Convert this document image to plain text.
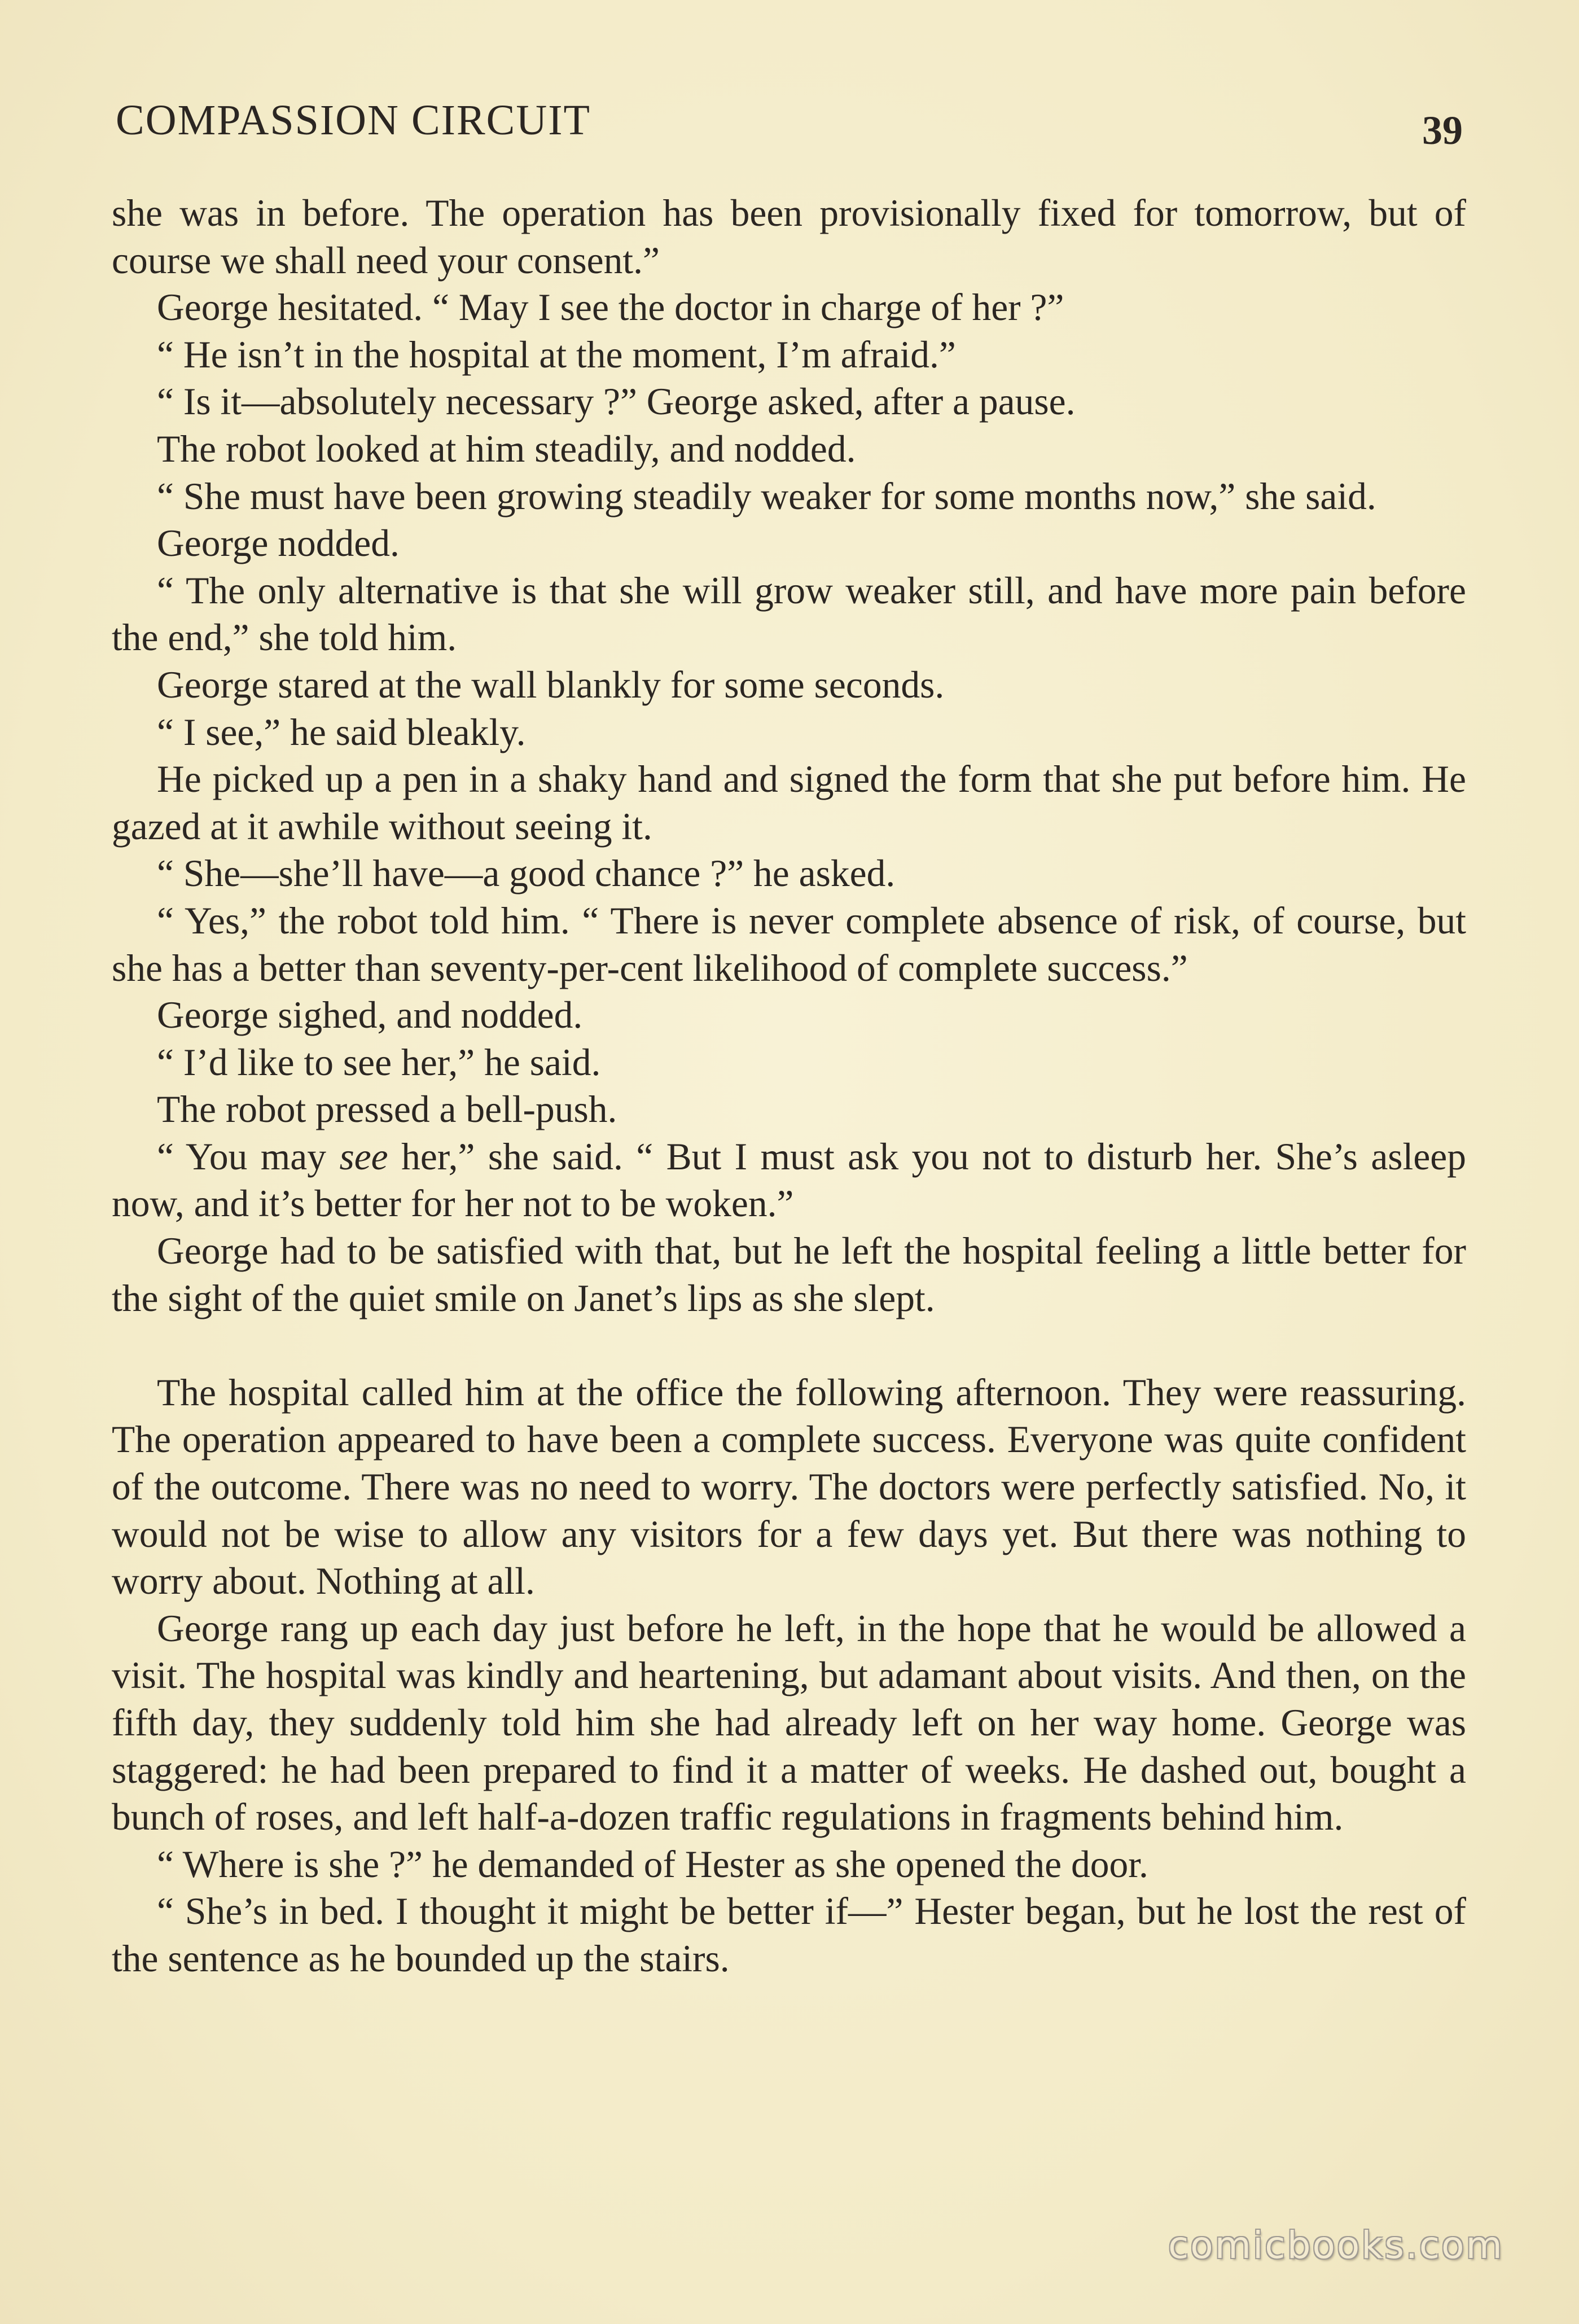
COMPASSION CIRCUIT	39

she was in before. The operation has been provisionally fixed for tomorrow, but of course we shall need your consent.”

George hesitated. “ May I see the doctor in charge of her ?”

“ He isn’t in the hospital at the moment, I’m afraid.”

“ Is it—absolutely necessary ?” George asked, after a pause.

The robot looked at him steadily, and nodded.

“ She must have been growing steadily weaker for some months now,” she said.

George nodded.

“ The only alternative is that she will grow weaker still, and have more pain before the end,” she told him.

George stared at the wall blankly for some seconds.

“ I see,” he said bleakly.

He picked up a pen in a shaky hand and signed the form that she put before him. He gazed at it awhile without seeing it.

“ She—she’ll have—a good chance ?” he asked.

“ Yes,” the robot told him. “ There is never complete absence of risk, of course, but she has a better than seventy-per-cent likelihood of complete success.”

George sighed, and nodded.

“ I’d like to see her,” he said.

The robot pressed a bell-push.

“ You may see her,” she said. “ But I must ask you not to disturb her. She’s asleep now, and it’s better for her not to be woken.”

George had to be satisfied with that, but he left the hospital feeling a little better for the sight of the quiet smile on Janet’s lips as she slept.

The hospital called him at the office the following afternoon. They were reassuring. The operation appeared to have been a complete success. Everyone was quite confident of the outcome. There was no need to worry. The doctors were perfectly satisfied. No, it would not be wise to allow any visitors for a few days yet. But there was nothing to worry about. Nothing at all.

George rang up each day just before he left, in the hope that he would be allowed a visit. The hospital was kindly and heartening, but adamant about visits. And then, on the fifth day, they suddenly told him she had already left on her way home. George was staggered: he had been prepared to find it a matter of weeks. He dashed out, bought a bunch of roses, and left half-a-dozen traffic regulations in fragments behind him.

“ Where is she ?” he demanded of Hester as she opened the door.

“ She’s in bed. I thought it might be better if—” Hester began, but he lost the rest of the sentence as he bounded up the stairs.

comicbooks.com
